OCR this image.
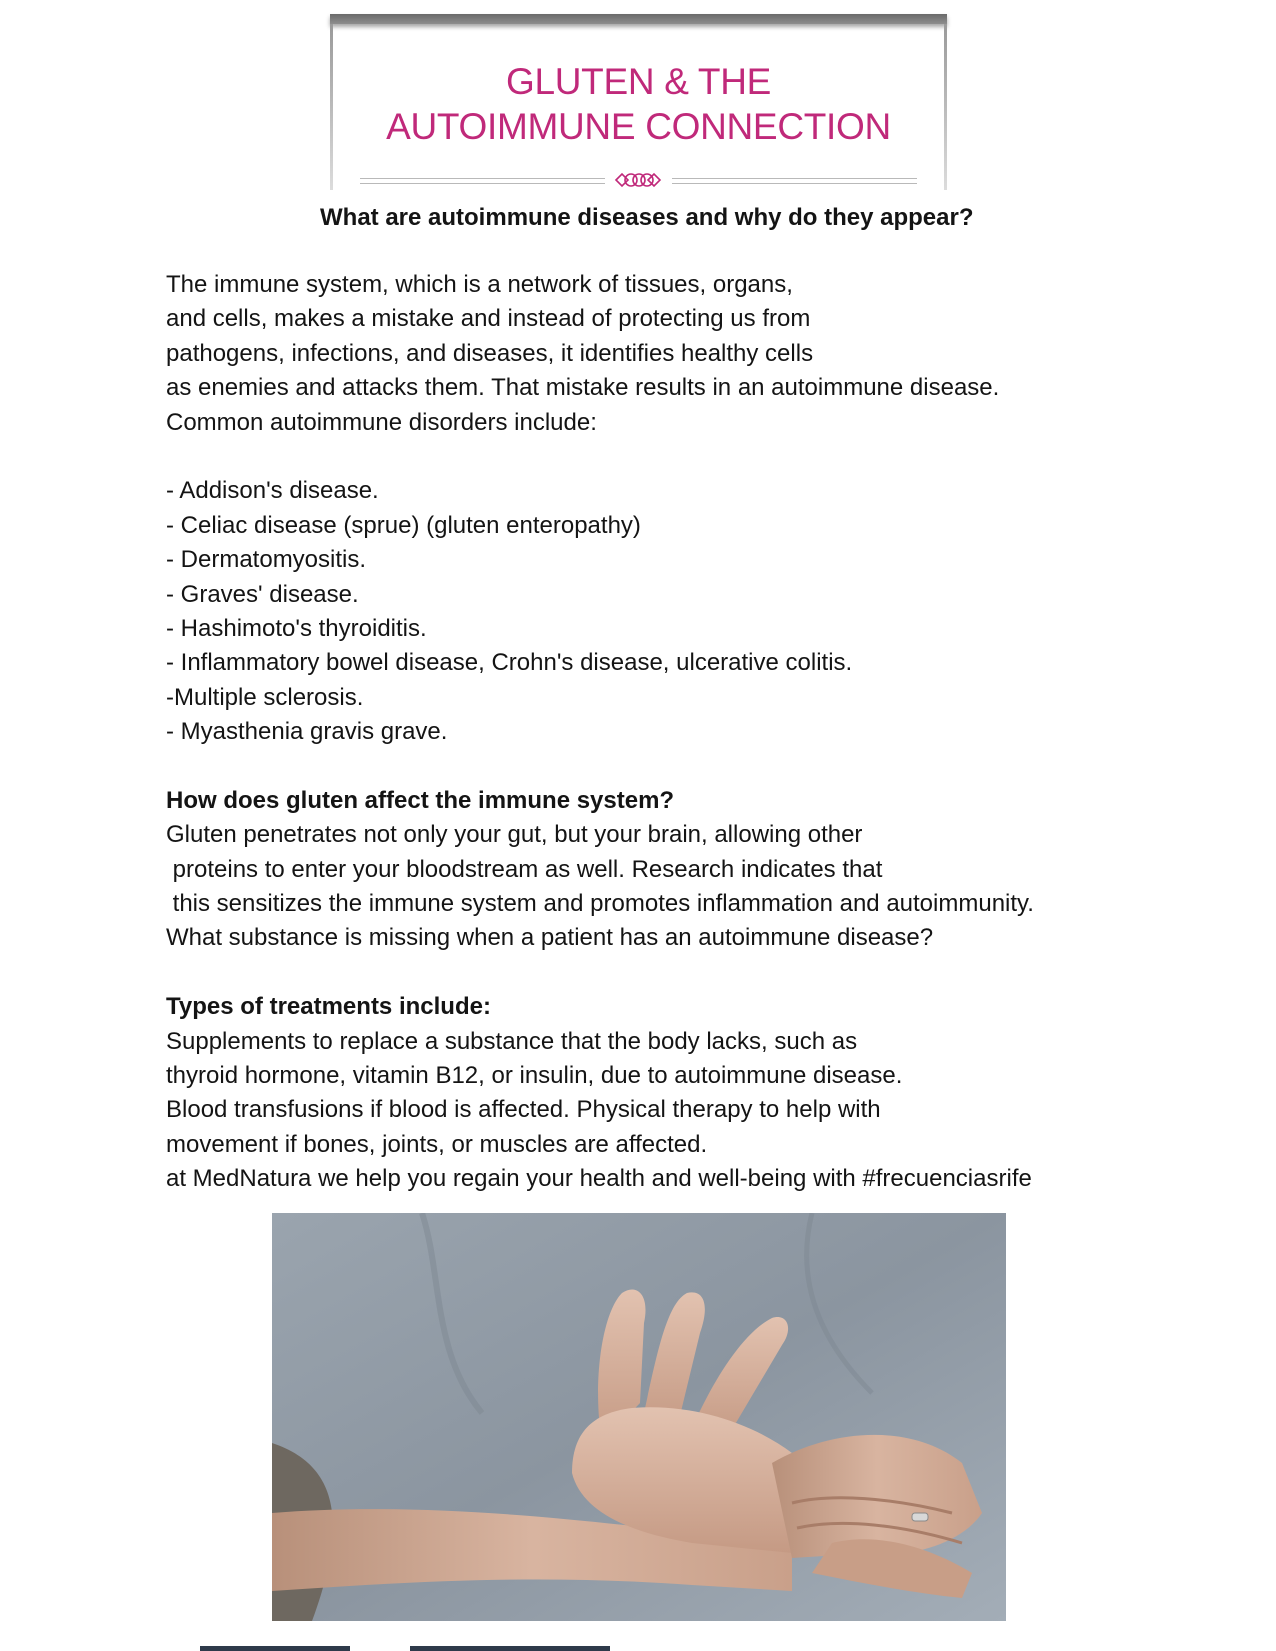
GLUTEN & THE
AUTOIMMUNE CONNECTION
What are autoimmune diseases and why do they appear?
The immune system, which is a network of tissues, organs,
and cells, makes a mistake and instead of protecting us from
pathogens, infections, and diseases, it identifies healthy cells
as enemies and attacks them. That mistake results in an autoimmune disease.
Common autoimmune disorders include:
- Addison's disease.
- Celiac disease (sprue) (gluten enteropathy)
- Dermatomyositis.
- Graves' disease.
- Hashimoto's thyroiditis.
- Inflammatory bowel disease, Crohn's disease, ulcerative colitis.
-Multiple sclerosis.
- Myasthenia gravis grave.
How does gluten affect the immune system?
Gluten penetrates not only your gut, but your brain, allowing other
proteins to enter your bloodstream as well. Research indicates that
this sensitizes the immune system and promotes inflammation and autoimmunity.
What substance is missing when a patient has an autoimmune disease?
Types of treatments include:
Supplements to replace a substance that the body lacks, such as
thyroid hormone, vitamin B12, or insulin, due to autoimmune disease.
Blood transfusions if blood is affected. Physical therapy to help with
movement if bones, joints, or muscles are affected.
at MedNatura we help you regain your health and well-being with #frecuenciasrife
